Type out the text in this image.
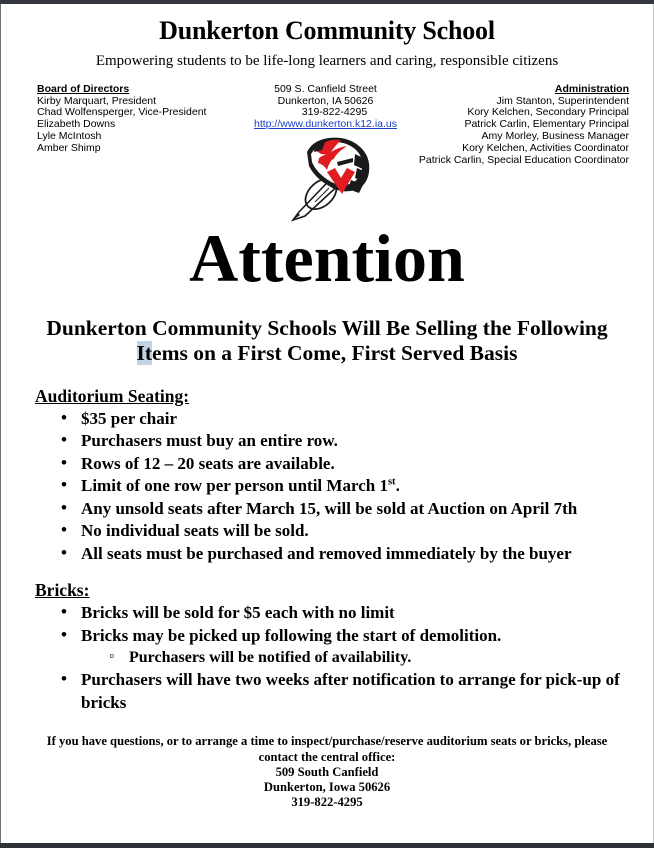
Dunkerton Community School
Empowering students to be life-long learners and caring, responsible citizens
Board of Directors
Kirby Marquart, President
Chad Wolfensperger, Vice-President
Elizabeth Downs
Lyle McIntosh
Amber Shimp
509 S. Canfield Street
Dunkerton, IA 50626
319-822-4295
http://www.dunkerton.k12.ia.us
Administration
Jim Stanton, Superintendent
Kory Kelchen, Secondary Principal
Patrick Carlin, Elementary Principal
Amy Morley, Business Manager
Kory Kelchen, Activities Coordinator
Patrick Carlin, Special Education Coordinator
Attention
Dunkerton Community Schools Will Be Selling the Following
Items on a First Come, First Served Basis
Auditorium Seating:
• $35 per chair
• Purchasers must buy an entire row.
• Rows of 12 – 20 seats are available.
• Limit of one row per person until March 1st.
• Any unsold seats after March 15, will be sold at Auction on April 7th
• No individual seats will be sold.
• All seats must be purchased and removed immediately by the buyer
Bricks:
• Bricks will be sold for $5 each with no limit
• Bricks may be picked up following the start of demolition.
◦ Purchasers will be notified of availability.
• Purchasers will have two weeks after notification to arrange for pick-up of bricks
If you have questions, or to arrange a time to inspect/purchase/reserve auditorium seats or bricks, please
contact the central office:
509 South Canfield
Dunkerton, Iowa 50626
319-822-4295
